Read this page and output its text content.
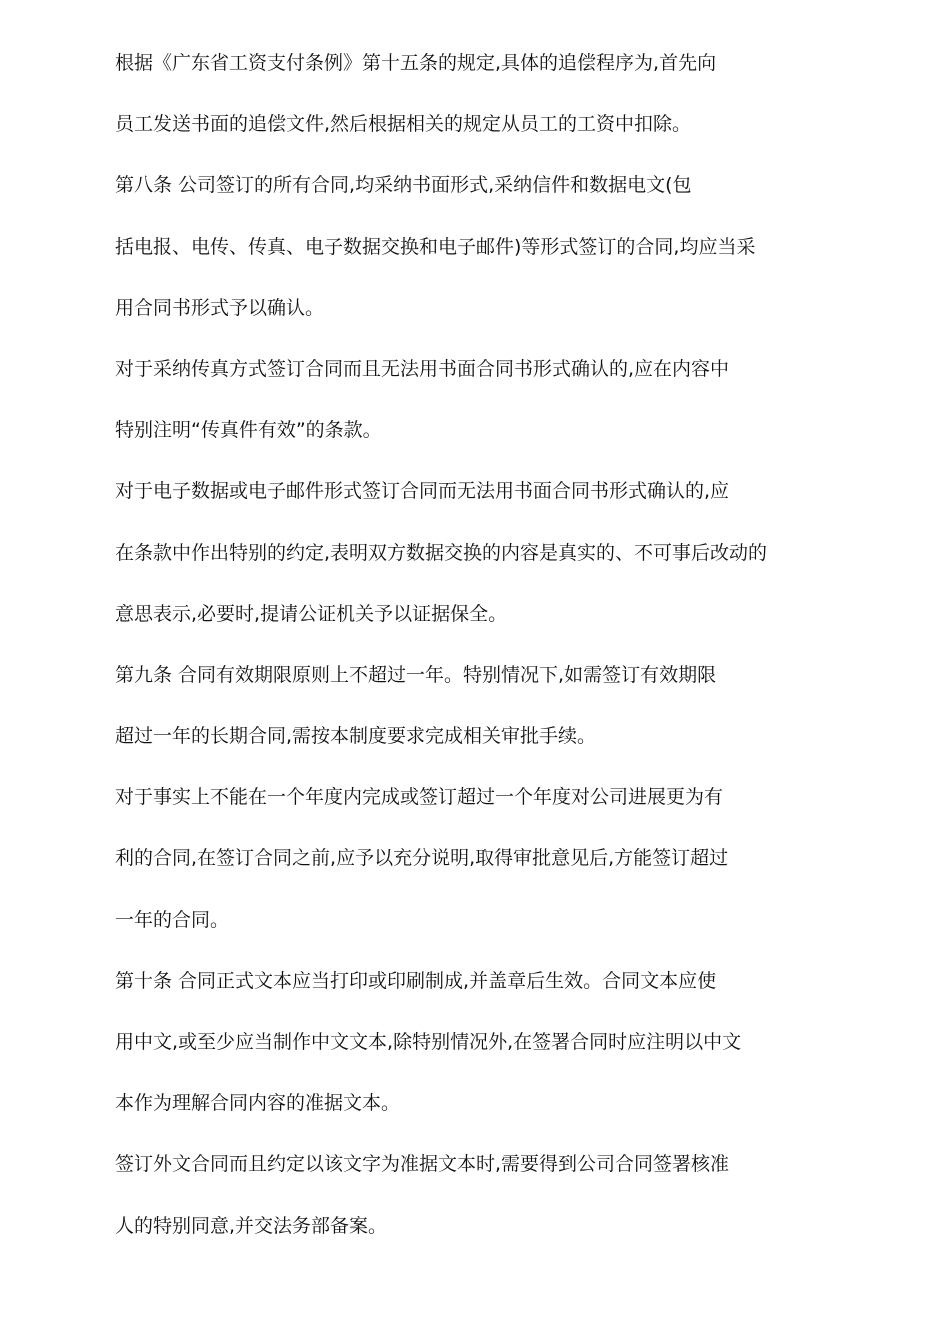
根据《广东省工资支付条例》第十五条的规定,具体的追偿程序为,首先向
员工发送书面的追偿文件,然后根据相关的规定从员工的工资中扣除。
第八条 公司签订的所有合同,均采纳书面形式,采纳信件和数据电文(包
括电报、电传、传真、电子数据交换和电子邮件)等形式签订的合同,均应当采
用合同书形式予以确认。
对于采纳传真方式签订合同而且无法用书面合同书形式确认的,应在内容中
特别注明“传真件有效”的条款。
对于电子数据或电子邮件形式签订合同而无法用书面合同书形式确认的,应
在条款中作出特别的约定,表明双方数据交换的内容是真实的、不可事后改动的
意思表示,必要时,提请公证机关予以证据保全。
第九条 合同有效期限原则上不超过一年。特别情况下,如需签订有效期限
超过一年的长期合同,需按本制度要求完成相关审批手续。
对于事实上不能在一个年度内完成或签订超过一个年度对公司进展更为有
利的合同,在签订合同之前,应予以充分说明,取得审批意见后,方能签订超过
一年的合同。
第十条 合同正式文本应当打印或印刷制成,并盖章后生效。合同文本应使
用中文,或至少应当制作中文文本,除特别情况外,在签署合同时应注明以中文
本作为理解合同内容的准据文本。
签订外文合同而且约定以该文字为准据文本时,需要得到公司合同签署核准
人的特别同意,并交法务部备案。
